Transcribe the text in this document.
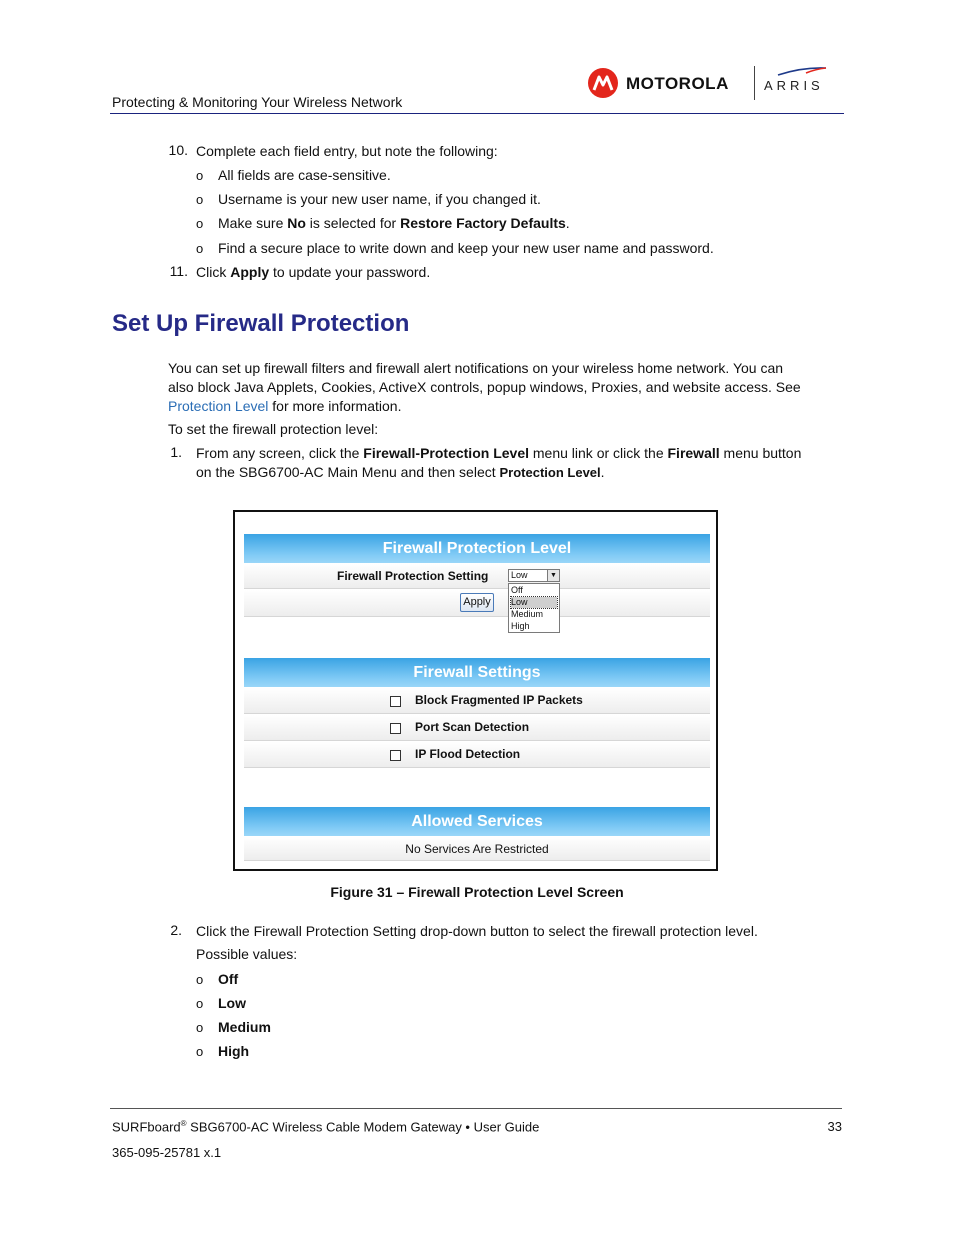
Protecting & Monitoring Your Wireless Network
MOTOROLA	ARRIS
10. Complete each field entry, but note the following:
o All fields are case-sensitive.
o Username is your new user name, if you changed it.
o Make sure No is selected for Restore Factory Defaults.
o Find a secure place to write down and keep your new user name and password.
11. Click Apply to update your password.
Set Up Firewall Protection
You can set up firewall filters and firewall alert notifications on your wireless home network. You can
also block Java Applets, Cookies, ActiveX controls, popup windows, Proxies, and website access. See
Protection Level for more information.
To set the firewall protection level:
1. From any screen, click the Firewall-Protection Level menu link or click the Firewall menu button
on the SBG6700-AC Main Menu and then select Protection Level.
Firewall Protection Level
Firewall Protection Setting
Apply
Low	▼
Off
Low
Medium
High
Firewall Settings
Block Fragmented IP Packets
Port Scan Detection
IP Flood Detection
Allowed Services
No Services Are Restricted
Figure 31 – Firewall Protection Level Screen
2. Click the Firewall Protection Setting drop-down button to select the firewall protection level.
Possible values:
o Off
o Low
o Medium
o High
SURFboard® SBG6700-AC Wireless Cable Modem Gateway • User Guide	33
365-095-25781 x.1
